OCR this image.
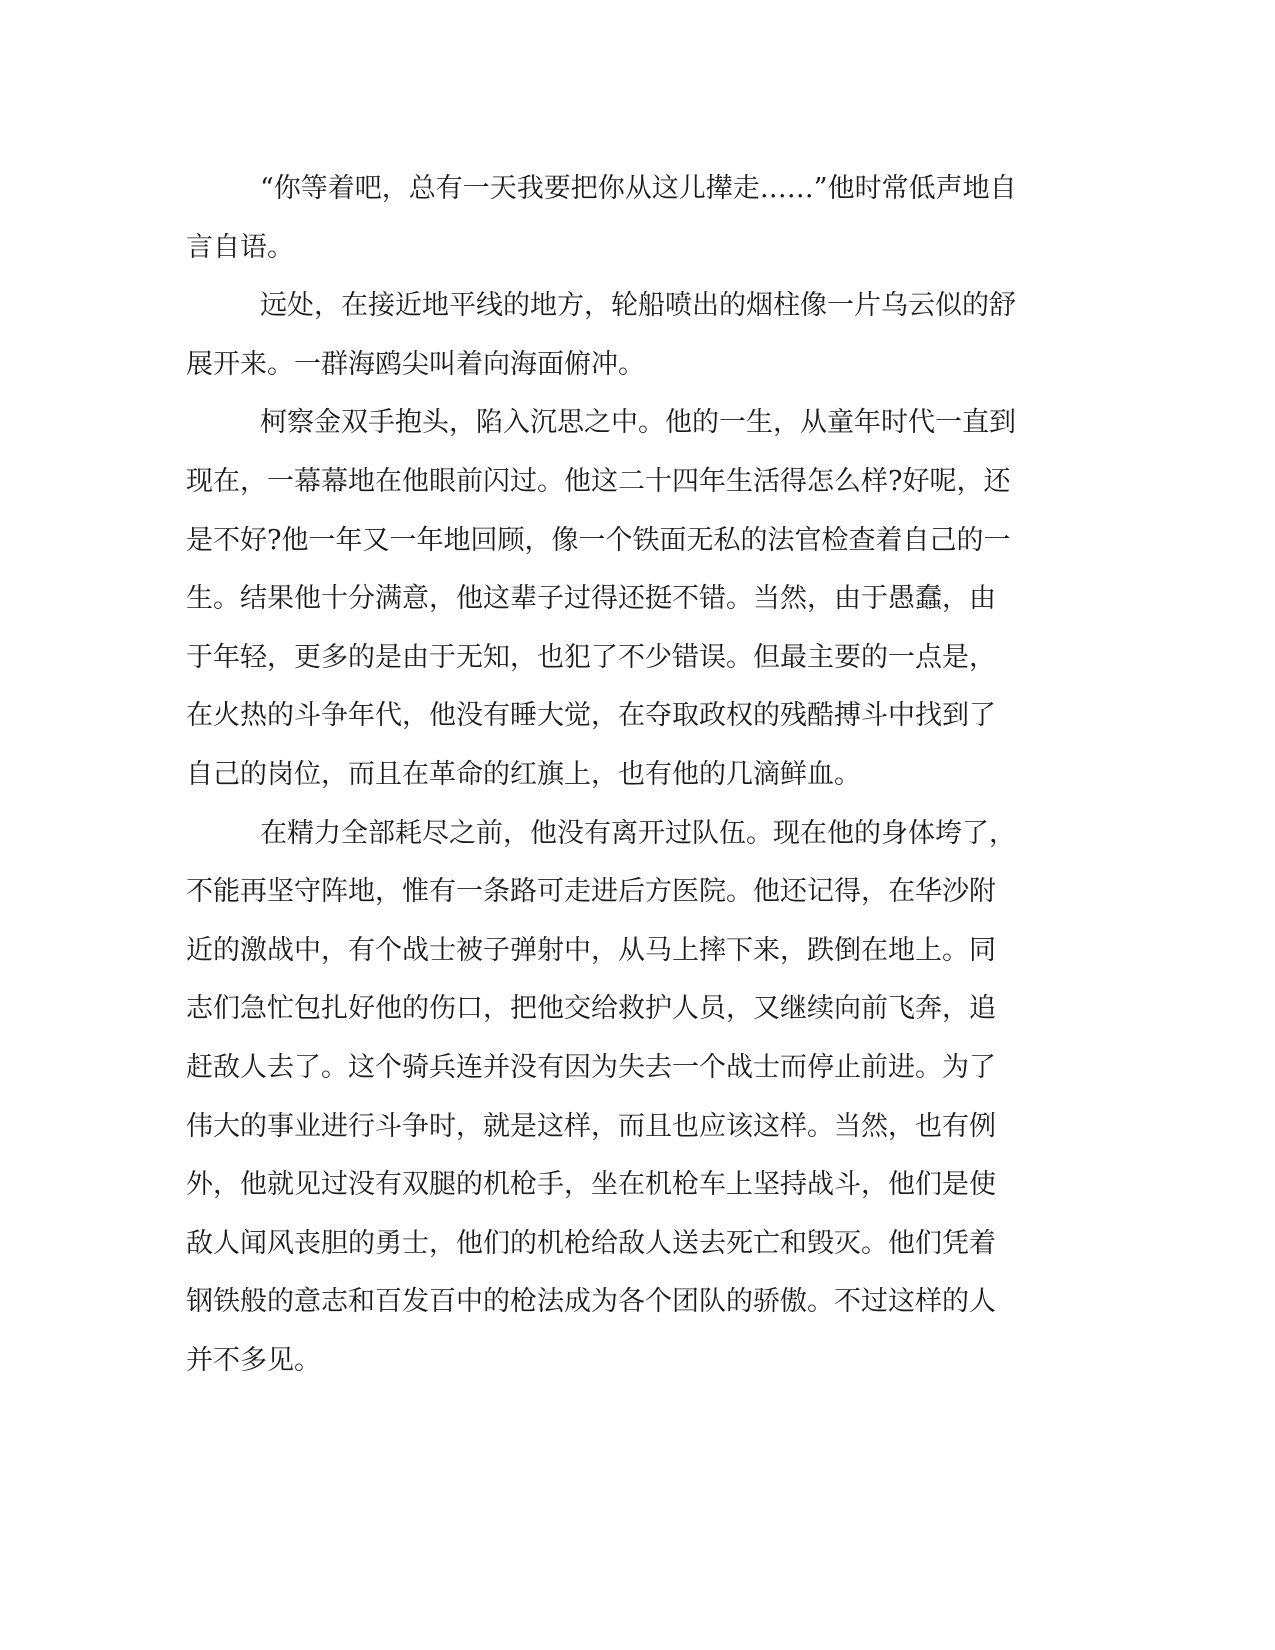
“你等着吧，总有一天我要把你从这儿撵走……”他时常低声地自
言自语。
远处，在接近地平线的地方，轮船喷出的烟柱像一片乌云似的舒
展开来。一群海鸥尖叫着向海面俯冲。
柯察金双手抱头，陷入沉思之中。他的一生，从童年时代一直到
现在，一幕幕地在他眼前闪过。他这二十四年生活得怎么样?好呢，还
是不好?他一年又一年地回顾，像一个铁面无私的法官检查着自己的一
生。结果他十分满意，他这辈子过得还挺不错。当然，由于愚蠢，由
于年轻，更多的是由于无知，也犯了不少错误。但最主要的一点是，
在火热的斗争年代，他没有睡大觉，在夺取政权的残酷搏斗中找到了
自己的岗位，而且在革命的红旗上，也有他的几滴鲜血。
在精力全部耗尽之前，他没有离开过队伍。现在他的身体垮了，
不能再坚守阵地，惟有一条路可走进后方医院。他还记得，在华沙附
近的激战中，有个战士被子弹射中，从马上摔下来，跌倒在地上。同
志们急忙包扎好他的伤口，把他交给救护人员，又继续向前飞奔，追
赶敌人去了。这个骑兵连并没有因为失去一个战士而停止前进。为了
伟大的事业进行斗争时，就是这样，而且也应该这样。当然，也有例
外，他就见过没有双腿的机枪手，坐在机枪车上坚持战斗，他们是使
敌人闻风丧胆的勇士，他们的机枪给敌人送去死亡和毁灭。他们凭着
钢铁般的意志和百发百中的枪法成为各个团队的骄傲。不过这样的人
并不多见。
